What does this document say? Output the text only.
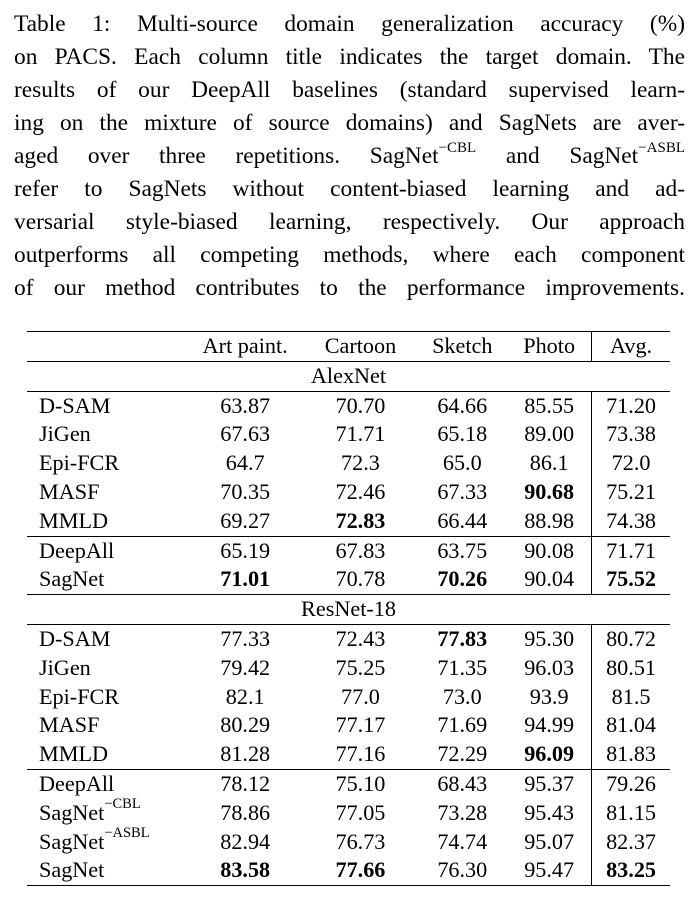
Table 1: Multi-source domain generalization accuracy (%)
on PACS. Each column title indicates the target domain. The
results of our DeepAll baselines (standard supervised learn-
ing on the mixture of source domains) and SagNets are aver-
aged over three repetitions. SagNet$^{-CBL}$ and SagNet$^{-ASBL}$
refer to SagNets without content-biased learning and ad-
versarial style-biased learning, respectively. Our approach
outperforms all competing methods, where each component
of our method contributes to the performance improvements.
	Art paint.	Cartoon	Sketch	Photo	Avg.
AlexNet					
D-SAM	63.87	70.70	64.66	85.55	71.20
JiGen	67.63	71.71	65.18	89.00	73.38
Epi-FCR	64.7	72.3	65.0	86.1	72.0
MASF	70.35	72.46	67.33	90.68	75.21
MMLD	69.27	72.83	66.44	88.98	74.38
DeepAll	65.19	67.83	63.75	90.08	71.71
SagNet	71.01	70.78	70.26	90.04	75.52
ResNet-18					
D-SAM	77.33	72.43	77.83	95.30	80.72
JiGen	79.42	75.25	71.35	96.03	80.51
Epi-FCR	82.1	77.0	73.0	93.9	81.5
MASF	80.29	77.17	71.69	94.99	81.04
MMLD	81.28	77.16	72.29	96.09	81.83
DeepAll	78.12	75.10	68.43	95.37	79.26
SagNet$^{-CBL}$	78.86	77.05	73.28	95.43	81.15
SagNet$^{-ASBL}$	82.94	76.73	74.74	95.07	82.37
SagNet	83.58	77.66	76.30	95.47	83.25
